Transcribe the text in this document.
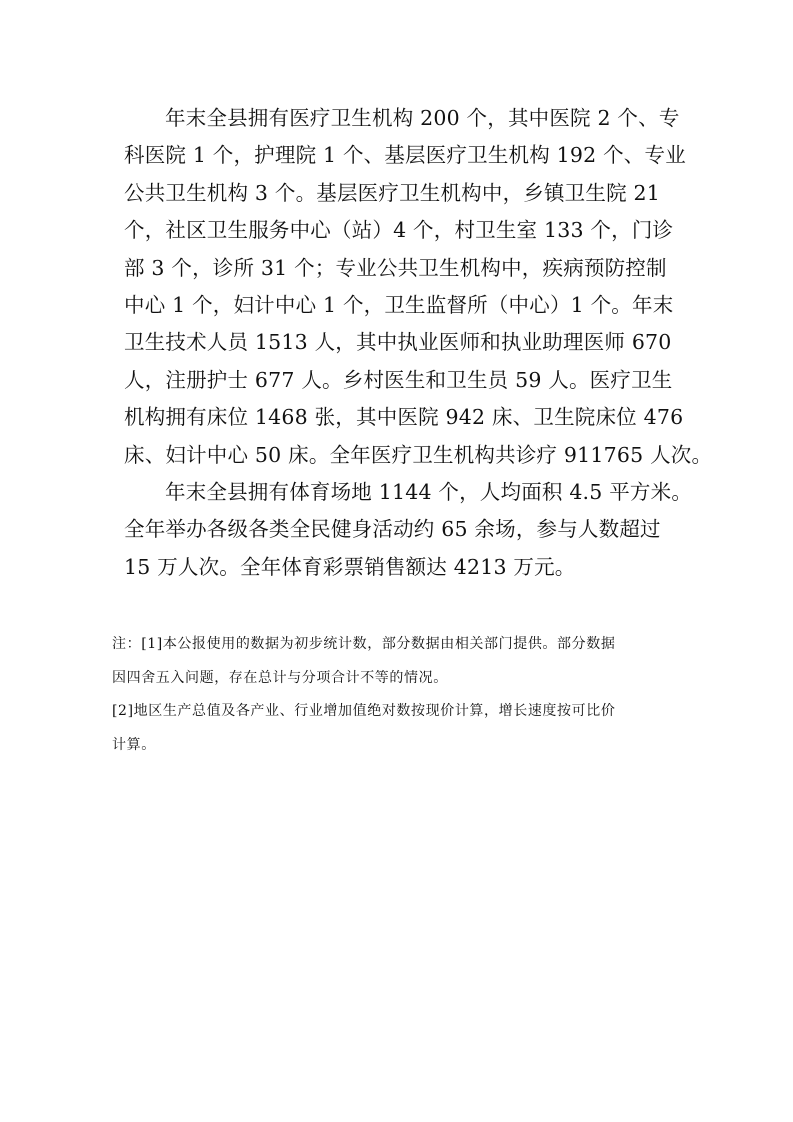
年末全县拥有医疗卫生机构 200 个，其中医院 2 个、专
科医院 1 个，护理院 1 个、基层医疗卫生机构 192 个、专业
公共卫生机构 3 个。基层医疗卫生机构中，乡镇卫生院 21
个，社区卫生服务中心（站）4 个，村卫生室 133 个，门诊
部 3 个，诊所 31 个；专业公共卫生机构中，疾病预防控制
中心 1 个，妇计中心 1 个，卫生监督所（中心）1 个。年末
卫生技术人员 1513 人，其中执业医师和执业助理医师 670
人，注册护士 677 人。乡村医生和卫生员 59 人。医疗卫生
机构拥有床位 1468 张，其中医院 942 床、卫生院床位 476
床、妇计中心 50 床。全年医疗卫生机构共诊疗 911765 人次。
年末全县拥有体育场地 1144 个，人均面积 4.5 平方米。
全年举办各级各类全民健身活动约 65 余场，参与人数超过
15 万人次。全年体育彩票销售额达 4213 万元。
注：[1]本公报使用的数据为初步统计数，部分数据由相关部门提供。部分数据
因四舍五入问题，存在总计与分项合计不等的情况。
[2]地区生产总值及各产业、行业增加值绝对数按现价计算，增长速度按可比价
计算。
